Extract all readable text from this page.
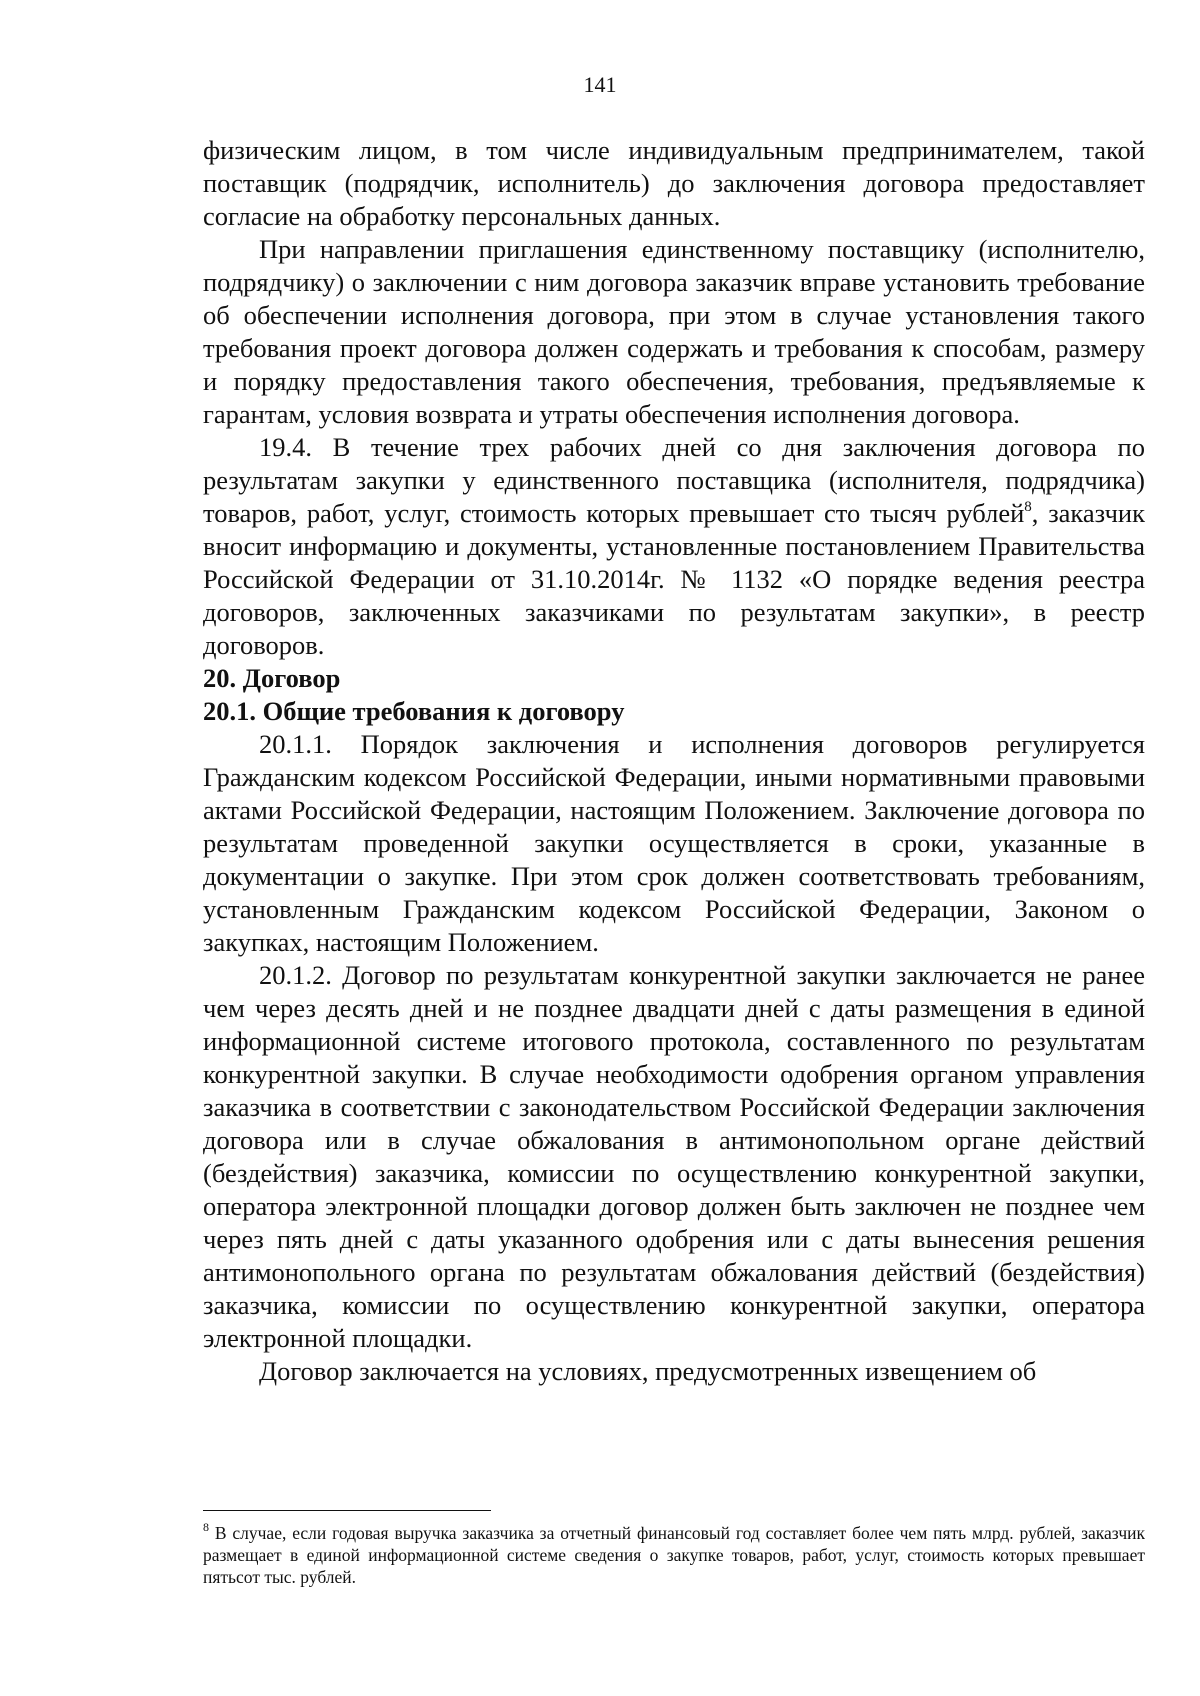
141

физическим лицом, в том числе индивидуальным предпринимателем, такой поставщик (подрядчик, исполнитель) до заключения договора предоставляет согласие на обработку персональных данных.

При направлении приглашения единственному поставщику (исполнителю, подрядчику) о заключении с ним договора заказчик вправе установить требование об обеспечении исполнения договора, при этом в случае установления такого требования проект договора должен содержать и требования к способам, размеру и порядку предоставления такого обеспечения, требования, предъявляемые к гарантам, условия возврата и утраты обеспечения исполнения договора.

19.4. В течение трех рабочих дней со дня заключения договора по результатам закупки у единственного поставщика (исполнителя, подрядчика) товаров, работ, услуг, стоимость которых превышает сто тысяч рублей$^8$, заказчик вносит информацию и документы, установленные постановлением Правительства Российской Федерации от 31.10.2014г. № 1132 «О порядке ведения реестра договоров, заключенных заказчиками по результатам закупки», в реестр договоров.

20. Договор

20.1. Общие требования к договору

20.1.1. Порядок заключения и исполнения договоров регулируется Гражданским кодексом Российской Федерации, иными нормативными правовыми актами Российской Федерации, настоящим Положением. Заключение договора по результатам проведенной закупки осуществляется в сроки, указанные в документации о закупке. При этом срок должен соответствовать требованиям, установленным Гражданским кодексом Российской Федерации, Законом о закупках, настоящим Положением.

20.1.2. Договор по результатам конкурентной закупки заключается не ранее чем через десять дней и не позднее двадцати дней с даты размещения в единой информационной системе итогового протокола, составленного по результатам конкурентной закупки. В случае необходимости одобрения органом управления заказчика в соответствии с законодательством Российской Федерации заключения договора или в случае обжалования в антимонопольном органе действий (бездействия) заказчика, комиссии по осуществлению конкурентной закупки, оператора электронной площадки договор должен быть заключен не позднее чем через пять дней с даты указанного одобрения или с даты вынесения решения антимонопольного органа по результатам обжалования действий (бездействия) заказчика, комиссии по осуществлению конкурентной закупки, оператора электронной площадки.

Договор заключается на условиях, предусмотренных извещением об

$^8$ В случае, если годовая выручка заказчика за отчетный финансовый год составляет более чем пять млрд. рублей, заказчик размещает в единой информационной системе сведения о закупке товаров, работ, услуг, стоимость которых превышает пятьсот тыс. рублей.
